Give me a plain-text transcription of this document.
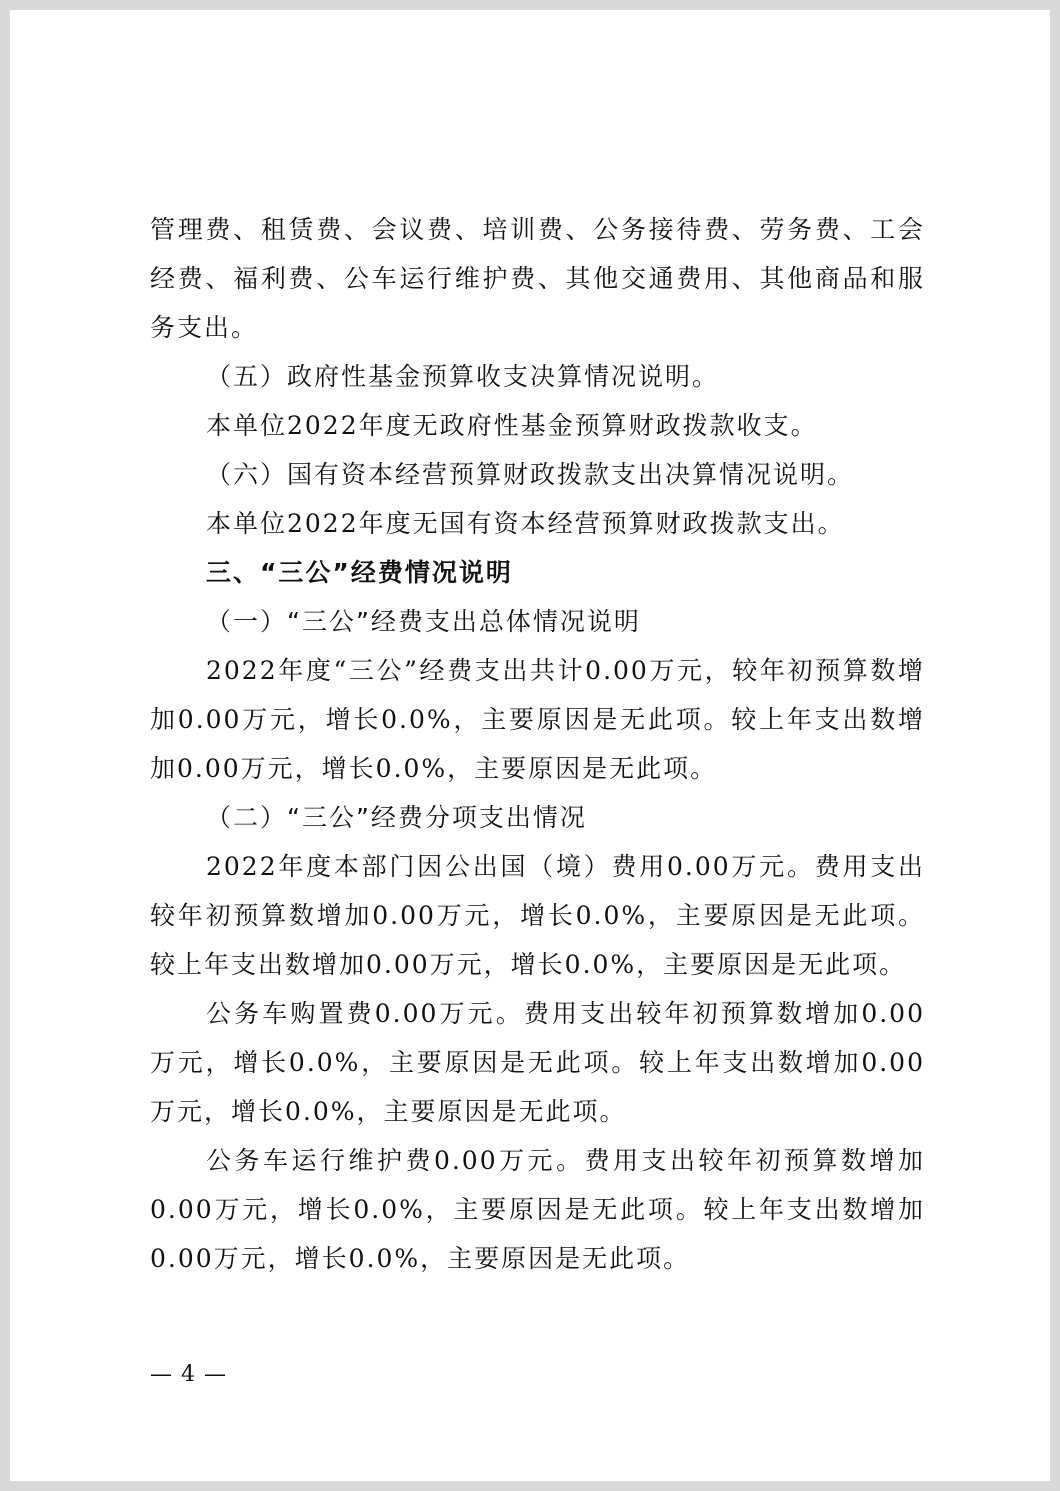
管理费、租赁费、会议费、培训费、公务接待费、劳务费、工会经费、福利费、公车运行维护费、其他交通费用、其他商品和服务支出。

（五）政府性基金预算收支决算情况说明。

本单位2022年度无政府性基金预算财政拨款收支。

（六）国有资本经营预算财政拨款支出决算情况说明。

本单位2022年度无国有资本经营预算财政拨款支出。

三、“三公”经费情况说明

（一）“三公”经费支出总体情况说明

2022年度“三公”经费支出共计0.00万元，较年初预算数增加0.00万元，增长0.0%，主要原因是无此项。较上年支出数增加0.00万元，增长0.0%，主要原因是无此项。

（二）“三公”经费分项支出情况

2022年度本部门因公出国（境）费用0.00万元。费用支出较年初预算数增加0.00万元，增长0.0%，主要原因是无此项。较上年支出数增加0.00万元，增长0.0%，主要原因是无此项。

公务车购置费0.00万元。费用支出较年初预算数增加0.00万元，增长0.0%，主要原因是无此项。较上年支出数增加0.00万元，增长0.0%，主要原因是无此项。

公务车运行维护费0.00万元。费用支出较年初预算数增加0.00万元，增长0.0%，主要原因是无此项。较上年支出数增加0.00万元，增长0.0%，主要原因是无此项。

— 4 —
